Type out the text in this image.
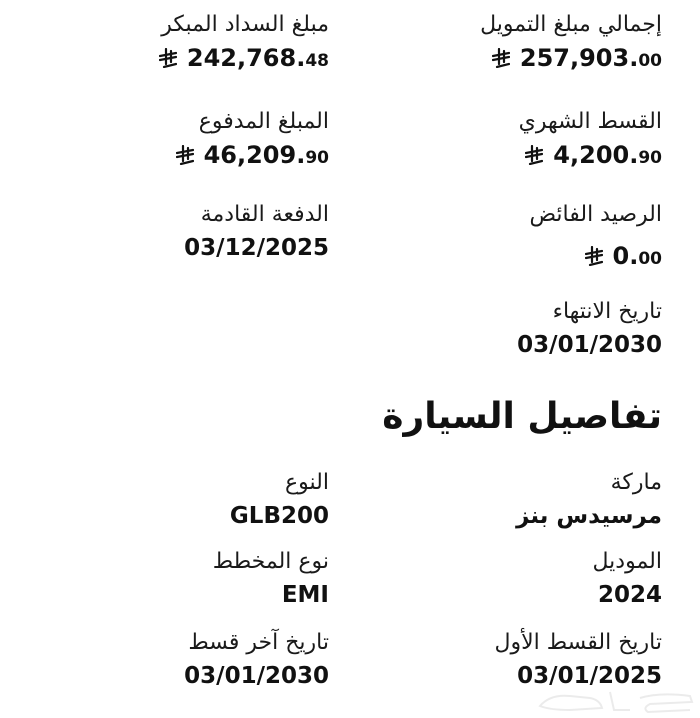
إجمالي مبلغ التمويل
257,903. 00
مبلغ السداد المبكر
242,768. 48
القسط الشهري
4,200. 90
المبلغ المدفوع
46,209. 90
الرصيد الفائض
0. 00
الدفعة القادمة
03/12/2025
تاريخ الانتهاء
03/01/2030
تفاصيل السيارة
ماركة
مرسيدس بنز
النوع
GLB200
الموديل
2024
نوع المخطط
EMI
تاريخ القسط الأول
03/01/2025
تاريخ آخر قسط
03/01/2030
